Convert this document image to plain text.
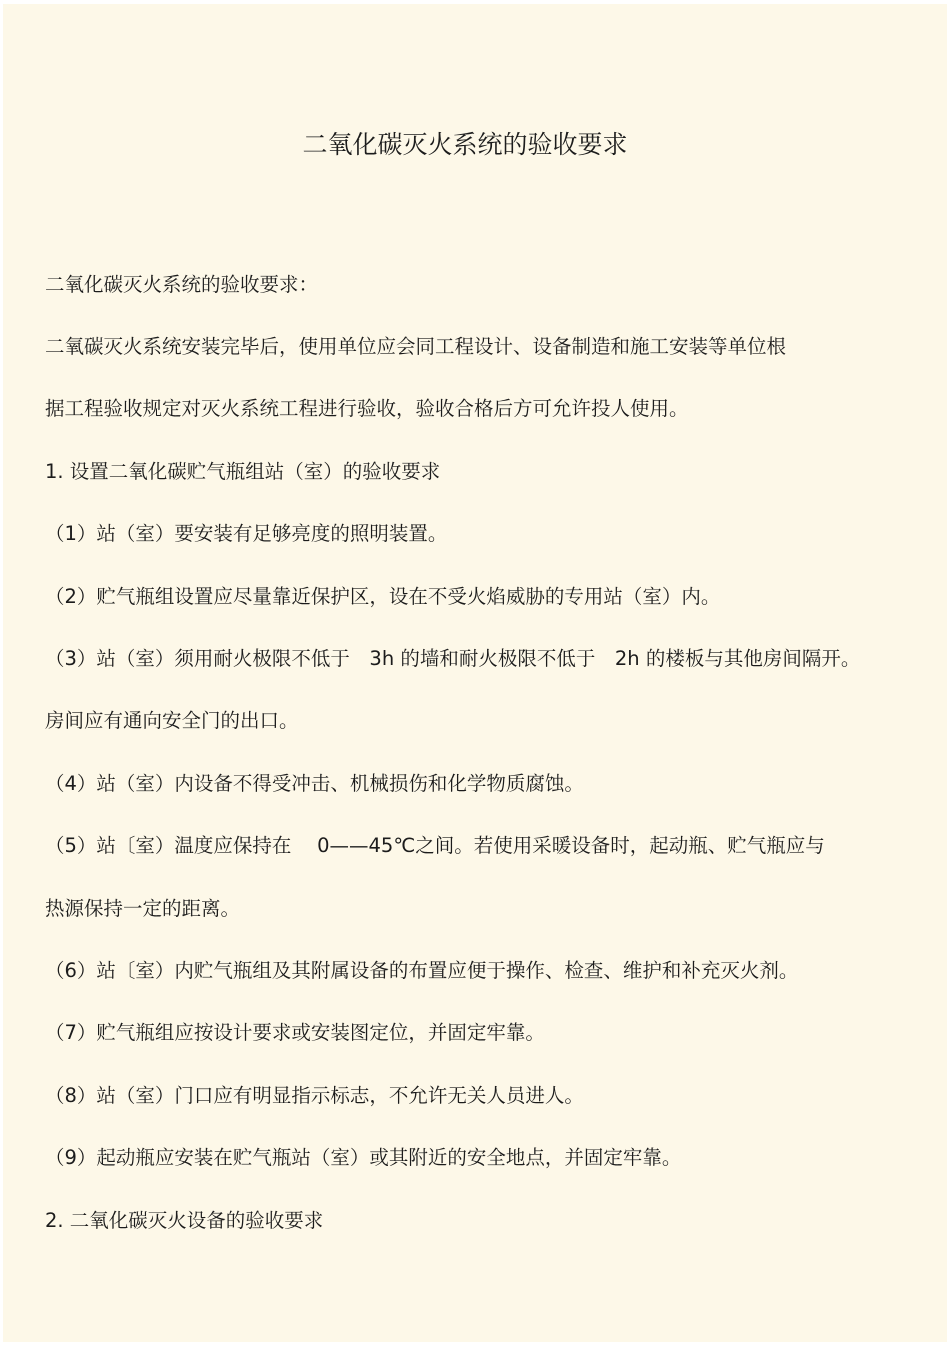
二氧化碳灭火系统的验收要求
二氧化碳灭火系统的验收要求：
二氧碳灭火系统安装完毕后，使用单位应会同工程设计、设备制造和施工安装等单位根
据工程验收规定对灭火系统工程进行验收，验收合格后方可允许投人使用。
1. 设置二氧化碳贮气瓶组站（室）的验收要求
（1）站（室）要安装有足够亮度的照明装置。
（2）贮气瓶组设置应尽量靠近保护区，设在不受火焰威胁的专用站（室）内。
（3）站（室）须用耐火极限不低于　3h 的墙和耐火极限不低于　2h 的楼板与其他房间隔开。
房间应有通向安全门的出口。
（4）站（室）内设备不得受冲击、机械损伤和化学物质腐蚀。
（5）站〔室）温度应保持在　 0——45℃之间。若使用采暖设备时，起动瓶、贮气瓶应与
热源保持一定的距离。
（6）站〔室）内贮气瓶组及其附属设备的布置应便于操作、检查、维护和补充灭火剂。
（7）贮气瓶组应按设计要求或安装图定位，并固定牢靠。
（8）站（室）门口应有明显指示标志，不允许无关人员进人。
（9）起动瓶应安装在贮气瓶站（室）或其附近的安全地点，并固定牢靠。
2. 二氧化碳灭火设备的验收要求
